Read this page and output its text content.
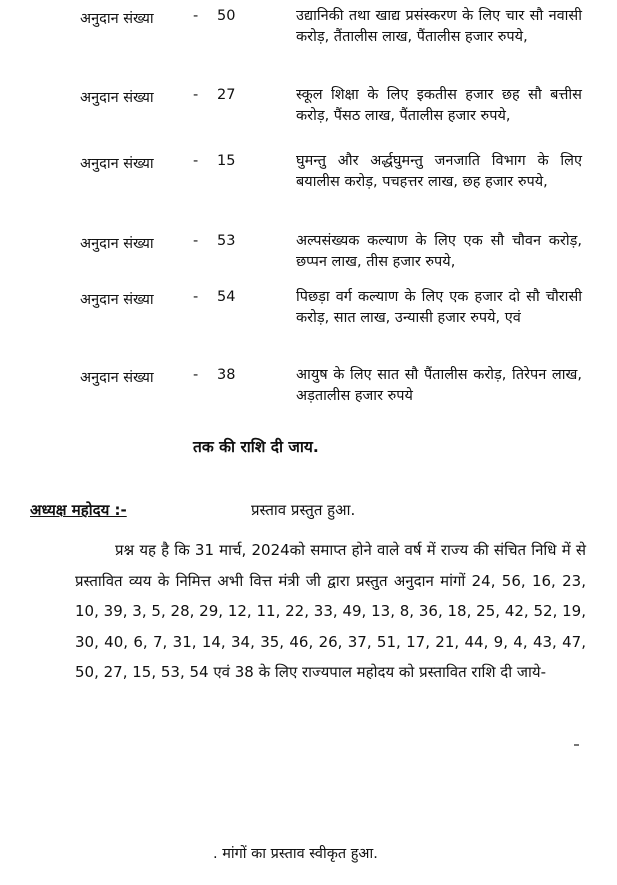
अनुदान संख्या	- 50	उद्यानिकी तथा खाद्य प्रसंस्करण के लिए चार सौ नवासी करोड़, तैंतालीस लाख, पैंतालीस हजार रुपये,
अनुदान संख्या	- 27	स्कूल शिक्षा के लिए इकतीस हजार छह सौ बत्तीस करोड़, पैंसठ लाख, पैंतालीस हजार रुपये,
अनुदान संख्या	- 15	घुमन्तु और अर्द्धघुमन्तु जनजाति विभाग के लिए बयालीस करोड़, पचहत्तर लाख, छह हजार रुपये,
अनुदान संख्या	- 53	अल्पसंख्यक कल्याण के लिए एक सौ चौवन करोड़, छप्पन लाख, तीस हजार रुपये,
अनुदान संख्या	- 54	पिछड़ा वर्ग कल्याण के लिए एक हजार दो सौ चौरासी करोड़, सात लाख, उन्यासी हजार रुपये, एवं
अनुदान संख्या	- 38	आयुष के लिए सात सौ पैंतालीस करोड़, तिरेपन लाख, अड़तालीस हजार रुपये
तक की राशि दी जाय.
अध्यक्ष महोदय :-	प्रस्ताव प्रस्तुत हुआ.
प्रश्न यह है कि 31 मार्च, 2024को समाप्त होने वाले वर्ष में राज्य की संचित निधि में से प्रस्तावित व्यय के निमित्त अभी वित्त मंत्री जी द्वारा प्रस्तुत अनुदान मांगों 24, 56, 16, 23, 10, 39, 3, 5, 28, 29, 12, 11, 22, 33, 49, 13, 8, 36, 18, 25, 42, 52, 19, 30, 40, 6, 7, 31, 14, 34, 35, 46, 26, 37, 51, 17, 21, 44, 9, 4, 43, 47, 50, 27, 15, 53, 54 एवं 38 के लिए राज्यपाल महोदय को प्रस्तावित राशि दी जाये-
. मांगों का प्रस्ताव स्वीकृत हुआ.
